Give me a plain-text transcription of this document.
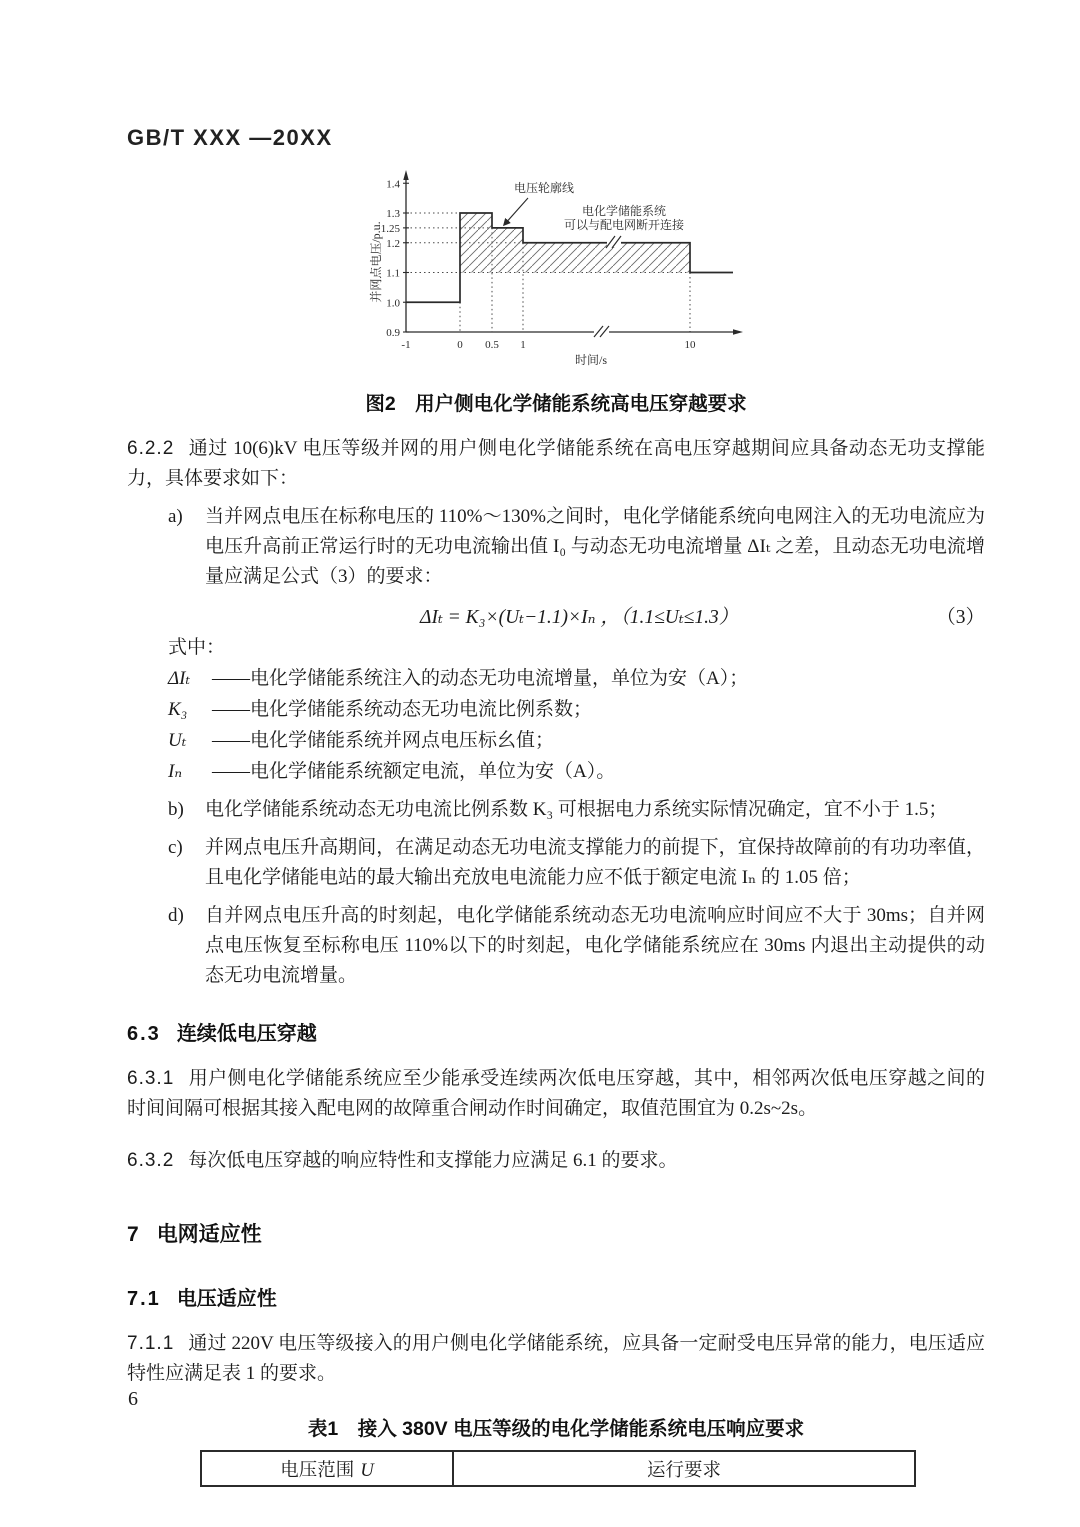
GB/T XXX —20XX
0.9
1.0
1.1
1.2
1.25
1.3
1.4
-1	0 0.5 1	10
时间/s
并网点电压/p.u.
电压轮廓线
电化学储能系统
可以与配电网断开连接
图2　用户侧电化学储能系统高电压穿越要求
6.2.2 通过 10(6)kV 电压等级并网的用户侧电化学储能系统在高电压穿越期间应具备动态无功支撑能力，具体要求如下：
a)	当并网点电压在标称电压的 110%～130%之间时，电化学储能系统向电网注入的无功电流应为电压升高前正常运行时的无功电流输出值 I₀ 与动态无功电流增量 ΔIₜ 之差，且动态无功电流增量应满足公式（3）的要求：
ΔIₜ = K₃×(Uₜ−1.1)×Iₙ ，（1.1≤Uₜ≤1.3）	（3）
式中：
ΔIₜ	—— 电化学储能系统注入的动态无功电流增量，单位为安（A）；
K₃	—— 电化学储能系统动态无功电流比例系数；
Uₜ	—— 电化学储能系统并网点电压标幺值；
Iₙ	—— 电化学储能系统额定电流，单位为安（A）。
b)	电化学储能系统动态无功电流比例系数 K₃ 可根据电力系统实际情况确定，宜不小于 1.5；
c)	并网点电压升高期间，在满足动态无功电流支撑能力的前提下，宜保持故障前的有功功率值，且电化学储能电站的最大输出充放电电流能力应不低于额定电流 Iₙ 的 1.05 倍；
d)	自并网点电压升高的时刻起，电化学储能系统动态无功电流响应时间应不大于 30ms；自并网点电压恢复至标称电压 110%以下的时刻起，电化学储能系统应在 30ms 内退出主动提供的动态无功电流增量。
6.3 连续低电压穿越
6.3.1 用户侧电化学储能系统应至少能承受连续两次低电压穿越，其中，相邻两次低电压穿越之间的时间间隔可根据其接入配电网的故障重合闸动作时间确定，取值范围宜为 0.2s~2s。
6.3.2 每次低电压穿越的响应特性和支撑能力应满足 6.1 的要求。
7 电网适应性
7.1 电压适应性
7.1.1 通过 220V 电压等级接入的用户侧电化学储能系统，应具备一定耐受电压异常的能力，电压适应特性应满足表 1 的要求。
表1　接入 380V 电压等级的电化学储能系统电压响应要求
电压范围 U	运行要求
6
